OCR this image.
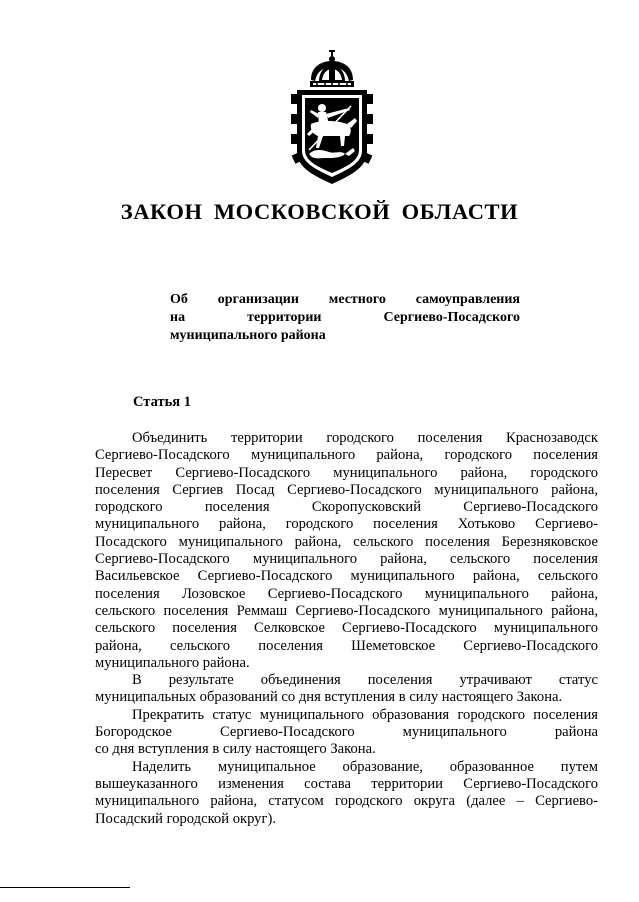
ЗАКОН МОСКОВСКОЙ ОБЛАСТИ
Об организации местного самоуправления
на территории Сергиево-Посадского
муниципального района
Статья 1
Объединить территории городского поселения Краснозаводск
Сергиево-Посадского муниципального района, городского поселения
Пересвет Сергиево-Посадского муниципального района, городского
поселения Сергиев Посад Сергиево-Посадского муниципального района,
городского поселения Скоропусковский Сергиево-Посадского
муниципального района, городского поселения Хотьково Сергиево-
Посадского муниципального района, сельского поселения Березняковское
Сергиево-Посадского муниципального района, сельского поселения
Васильевское Сергиево-Посадского муниципального района, сельского
поселения Лозовское Сергиево-Посадского муниципального района,
сельского поселения Реммаш Сергиево-Посадского муниципального района,
сельского поселения Селковское Сергиево-Посадского муниципального
района, сельского поселения Шеметовское Сергиево-Посадского
муниципального района.
В результате объединения поселения утрачивают статус
муниципальных образований со дня вступления в силу настоящего Закона.
Прекратить статус муниципального образования городского поселения
Богородское Сергиево-Посадского муниципального района
со дня вступления в силу настоящего Закона.
Наделить муниципальное образование, образованное путем
вышеуказанного изменения состава территории Сергиево-Посадского
муниципального района, статусом городского округа (далее – Сергиево-
Посадский городской округ).
